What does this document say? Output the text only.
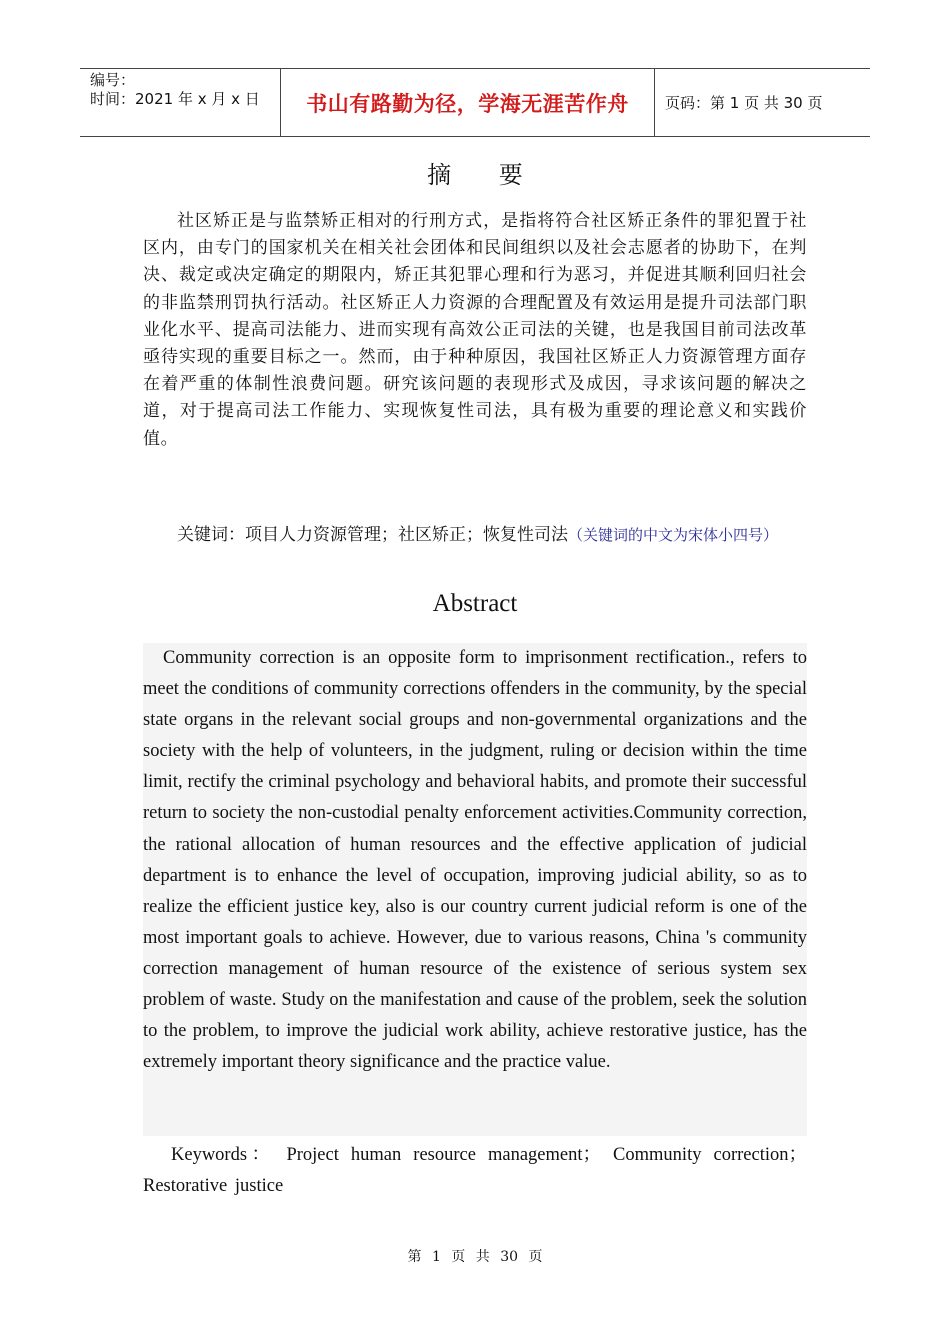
编号：
时间：2021 年 x 月 x 日	书山有路勤为径，学海无涯苦作舟	页码：第 1 页 共 30 页
摘 要
社区矫正是与监禁矫正相对的行刑方式，是指将符合社区矫正条件的罪犯置于社区内，由专门的国家机关在相关社会团体和民间组织以及社会志愿者的协助下，在判决、裁定或决定确定的期限内，矫正其犯罪心理和行为恶习，并促进其顺利回归社会的非监禁刑罚执行活动。社区矫正人力资源的合理配置及有效运用是提升司法部门职业化水平、提高司法能力、进而实现有高效公正司法的关键，也是我国目前司法改革亟待实现的重要目标之一。然而，由于种种原因，我国社区矫正人力资源管理方面存在着严重的体制性浪费问题。研究该问题的表现形式及成因，寻求该问题的解决之道，对于提高司法工作能力、实现恢复性司法，具有极为重要的理论意义和实践价值。
关键词：项目人力资源管理；社区矫正；恢复性司法（关键词的中文为宋体小四号）
Abstract
Community correction is an opposite form to imprisonment rectification., refers to meet the conditions of community corrections offenders in the community, by the special state organs in the relevant social groups and non-governmental organizations and the society with the help of volunteers, in the judgment, ruling or decision within the time limit, rectify the criminal psychology and behavioral habits, and promote their successful return to society the non-custodial penalty enforcement activities.Community correction, the rational allocation of human resources and the effective application of judicial department is to enhance the level of occupation, improving judicial ability, so as to realize the efficient justice key, also is our country current judicial reform is one of the most important goals to achieve. However, due to various reasons, China 's community correction management of human resource of the existence of serious system sex problem of waste. Study on the manifestation and cause of the problem, seek the solution to the problem, to improve the judicial work ability, achieve restorative justice, has the extremely important theory significance and the practice value.
Keywords： Project human resource management； Community correction； Restorative justice
第 1 页 共 30 页
